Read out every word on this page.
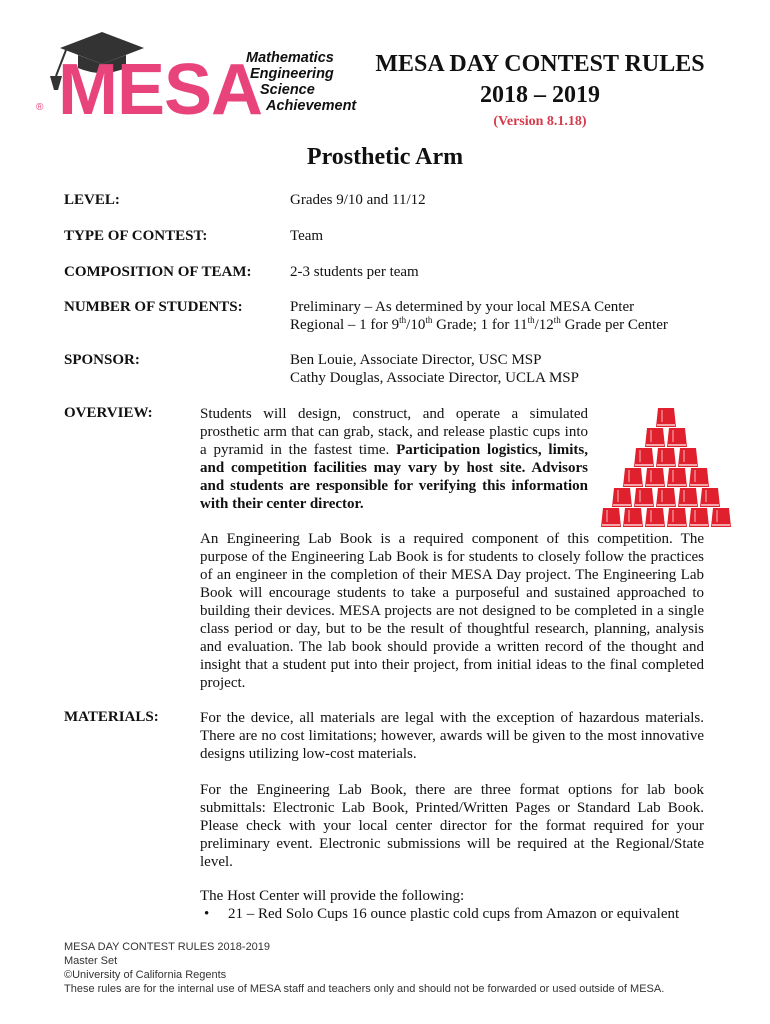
MESA
Mathematics
Engineering
Science
Achievement
®
MESA DAY CONTEST RULES
2018 – 2019
(Version 8.1.18)
Prosthetic Arm
LEVEL:	Grades 9/10 and 11/12
TYPE OF CONTEST:	Team
COMPOSITION OF TEAM:	2-3 students per team
NUMBER OF STUDENTS:	Preliminary – As determined by your local MESA Center
Regional – 1 for 9th/10th Grade; 1 for 11th/12th Grade per Center
SPONSOR:	Ben Louie, Associate Director, USC MSP
Cathy Douglas, Associate Director, UCLA MSP
OVERVIEW:	Students will design, construct, and operate a simulated prosthetic arm that can grab, stack, and release plastic cups into a pyramid in the fastest time. Participation logistics, limits, and competition facilities may vary by host site. Advisors and students are responsible for verifying this information with their center director.
An Engineering Lab Book is a required component of this competition. The purpose of the Engineering Lab Book is for students to closely follow the practices of an engineer in the completion of their MESA Day project. The Engineering Lab Book will encourage students to take a purposeful and sustained approached to building their devices. MESA projects are not designed to be completed in a single class period or day, but to be the result of thoughtful research, planning, analysis and evaluation. The lab book should provide a written record of the thought and insight that a student put into their project, from initial ideas to the final completed project.
MATERIALS:	For the device, all materials are legal with the exception of hazardous materials. There are no cost limitations; however, awards will be given to the most innovative designs utilizing low-cost materials.
For the Engineering Lab Book, there are three format options for lab book submittals: Electronic Lab Book, Printed/Written Pages or Standard Lab Book. Please check with your local center director for the format required for your preliminary event. Electronic submissions will be required at the Regional/State level.
The Host Center will provide the following:
• 21 – Red Solo Cups 16 ounce plastic cold cups from Amazon or equivalent
MESA DAY CONTEST RULES 2018-2019
Master Set
©University of California Regents
These rules are for the internal use of MESA staff and teachers only and should not be forwarded or used outside of MESA.
